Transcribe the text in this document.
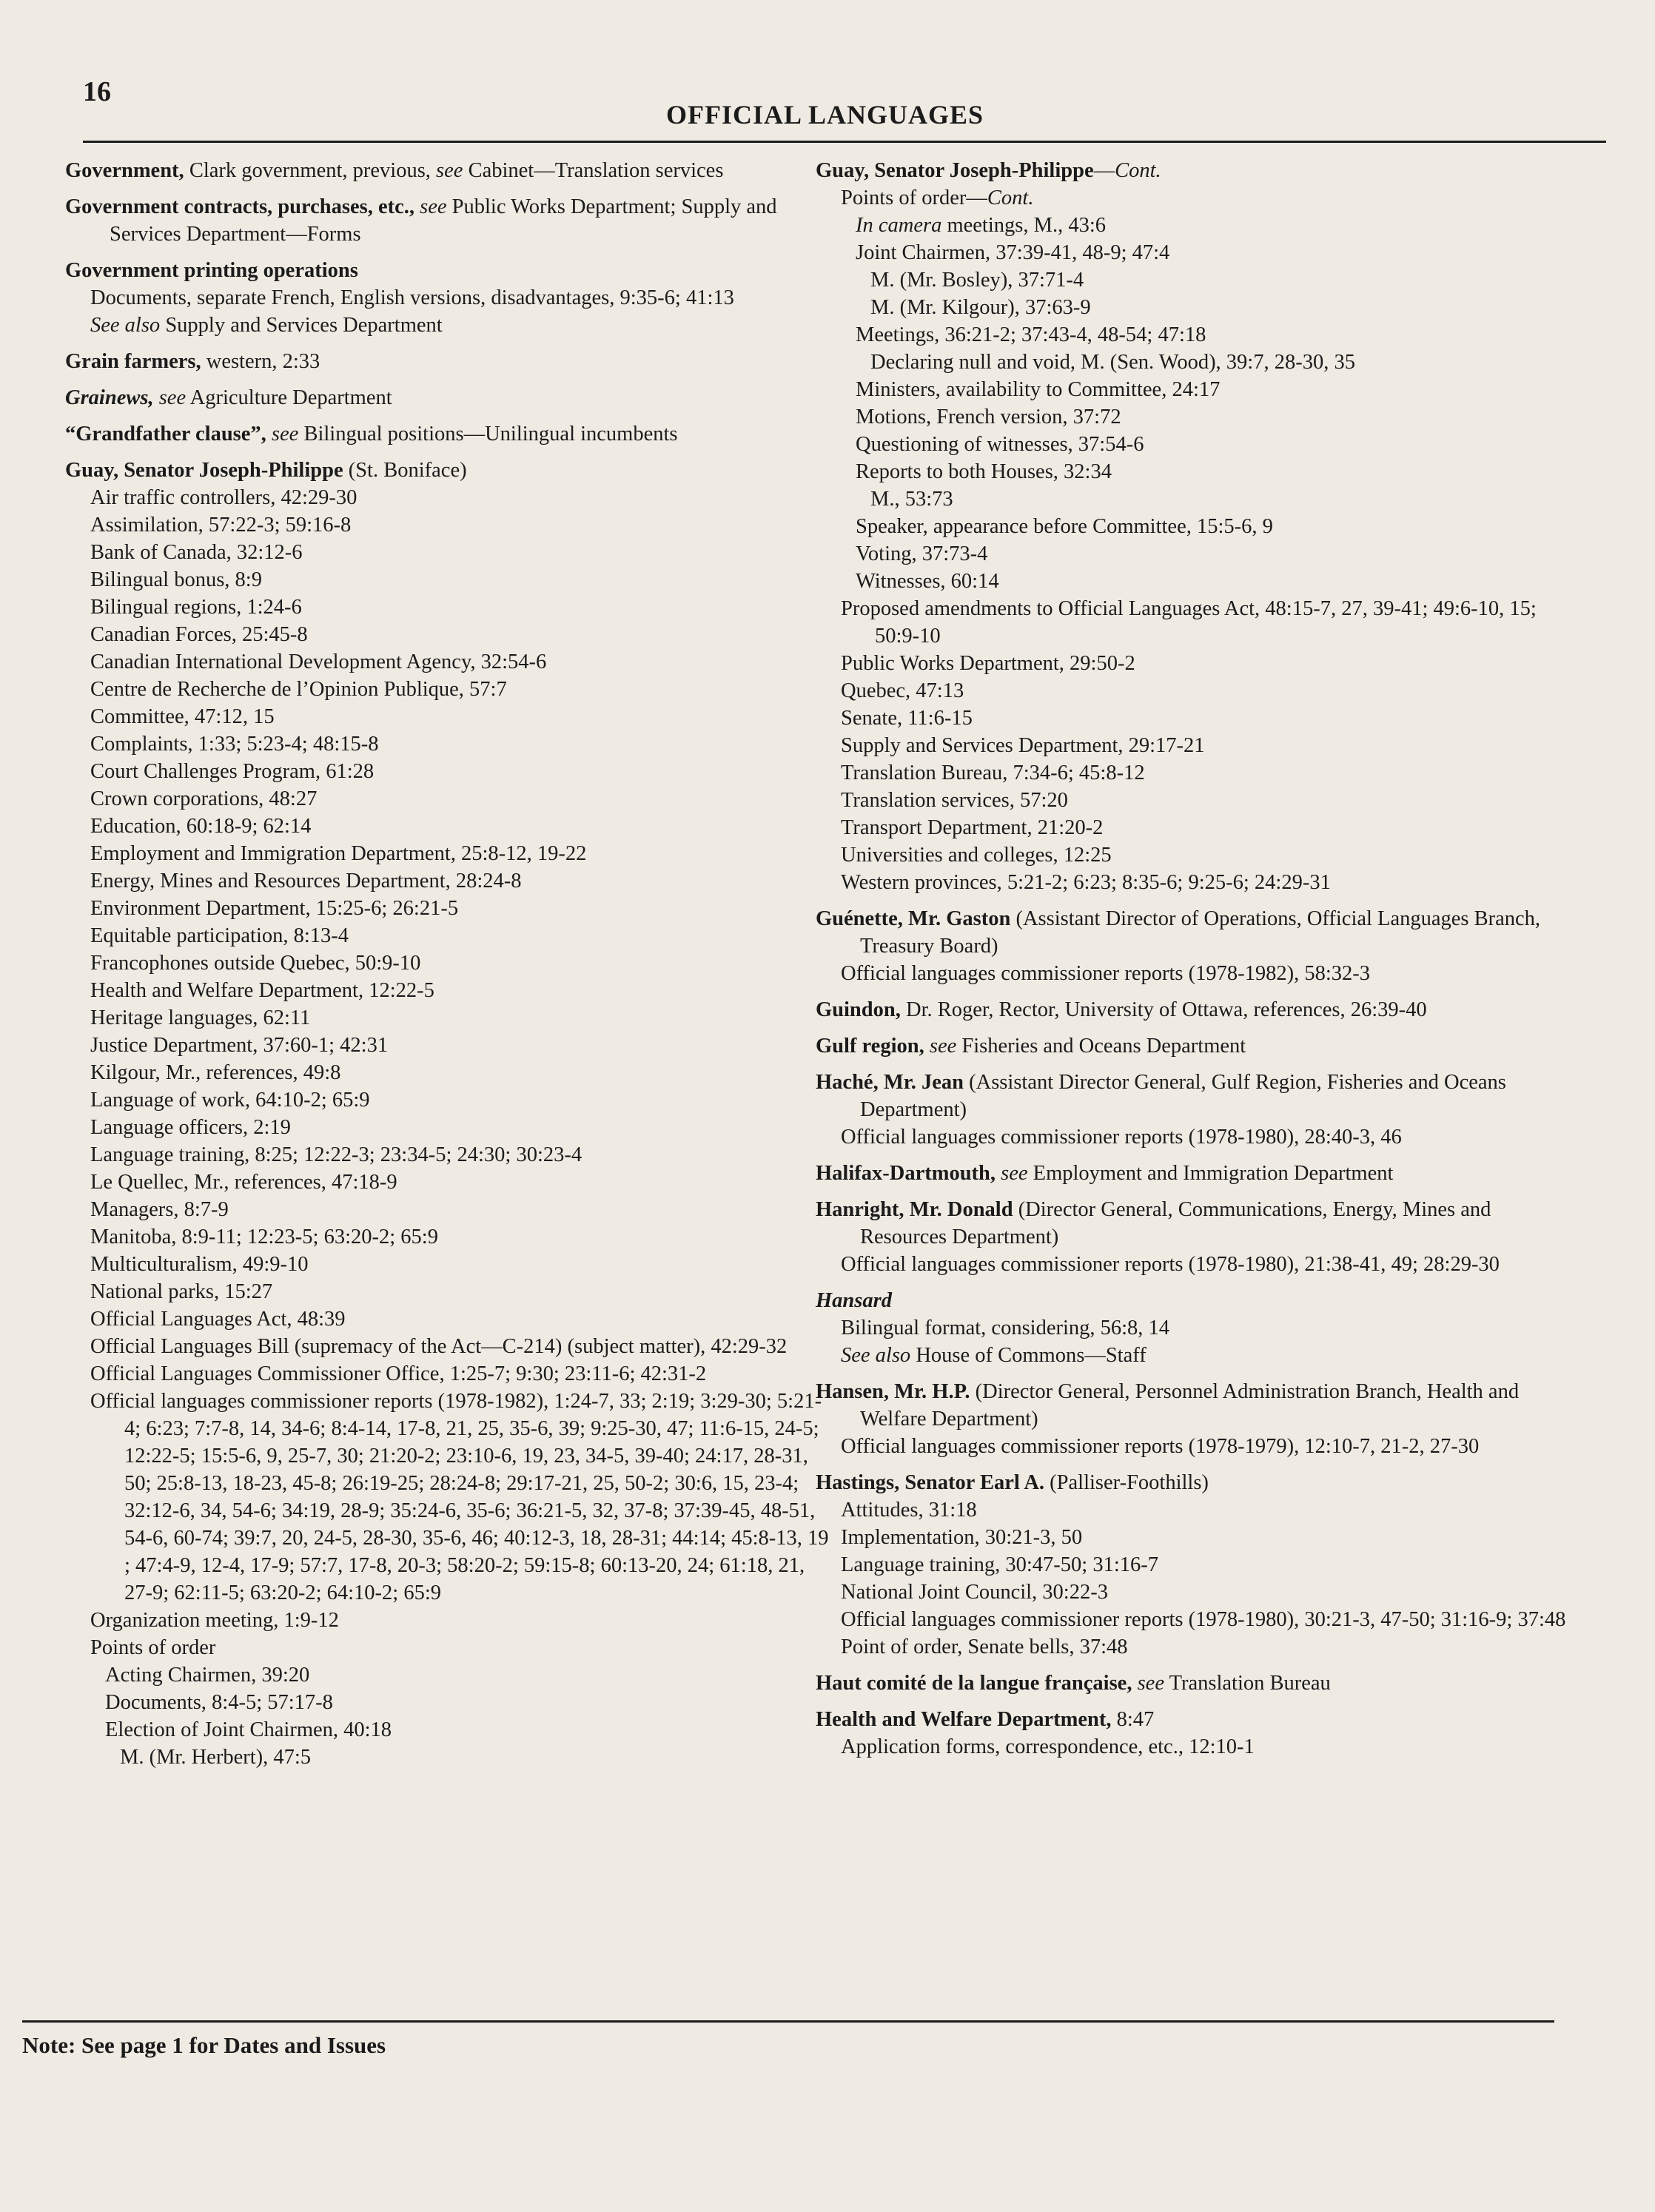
16
OFFICIAL LANGUAGES
Government, Clark government, previous, see Cabinet—Translation services
Government contracts, purchases, etc., see Public Works Department; Supply and Services Department—Forms
Government printing operations
Documents, separate French, English versions, disadvantages, 9:35-6; 41:13
See also Supply and Services Department
Grain farmers, western, 2:33
Grainews, see Agriculture Department
“Grandfather clause”, see Bilingual positions—Unilingual incumbents
Guay, Senator Joseph-Philippe (St. Boniface)
Air traffic controllers, 42:29-30
Assimilation, 57:22-3; 59:16-8
Bank of Canada, 32:12-6
Bilingual bonus, 8:9
Bilingual regions, 1:24-6
Canadian Forces, 25:45-8
Canadian International Development Agency, 32:54-6
Centre de Recherche de l’Opinion Publique, 57:7
Committee, 47:12, 15
Complaints, 1:33; 5:23-4; 48:15-8
Court Challenges Program, 61:28
Crown corporations, 48:27
Education, 60:18-9; 62:14
Employment and Immigration Department, 25:8-12, 19-22
Energy, Mines and Resources Department, 28:24-8
Environment Department, 15:25-6; 26:21-5
Equitable participation, 8:13-4
Francophones outside Quebec, 50:9-10
Health and Welfare Department, 12:22-5
Heritage languages, 62:11
Justice Department, 37:60-1; 42:31
Kilgour, Mr., references, 49:8
Language of work, 64:10-2; 65:9
Language officers, 2:19
Language training, 8:25; 12:22-3; 23:34-5; 24:30; 30:23-4
Le Quellec, Mr., references, 47:18-9
Managers, 8:7-9
Manitoba, 8:9-11; 12:23-5; 63:20-2; 65:9
Multiculturalism, 49:9-10
National parks, 15:27
Official Languages Act, 48:39
Official Languages Bill (supremacy of the Act—C-214) (subject matter), 42:29-32
Official Languages Commissioner Office, 1:25-7; 9:30; 23:11-6; 42:31-2
Official languages commissioner reports (1978-1982), 1:24-7, 33; 2:19; 3:29-30; 5:21-4; 6:23; 7:7-8, 14, 34-6; 8:4-14, 17-8, 21, 25, 35-6, 39; 9:25-30, 47; 11:6-15, 24-5; 12:22-5; 15:5-6, 9, 25-7, 30; 21:20-2; 23:10-6, 19, 23, 34-5, 39-40; 24:17, 28-31, 50; 25:8-13, 18-23, 45-8; 26:19-25; 28:24-8; 29:17-21, 25, 50-2; 30:6, 15, 23-4; 32:12-6, 34, 54-6; 34:19, 28-9; 35:24-6, 35-6; 36:21-5, 32, 37-8; 37:39-45, 48-51, 54-6, 60-74; 39:7, 20, 24-5, 28-30, 35-6, 46; 40:12-3, 18, 28-31; 44:14; 45:8-13, 19 ; 47:4-9, 12-4, 17-9; 57:7, 17-8, 20-3; 58:20-2; 59:15-8; 60:13-20, 24; 61:18, 21, 27-9; 62:11-5; 63:20-2; 64:10-2; 65:9
Organization meeting, 1:9-12
Points of order
Acting Chairmen, 39:20
Documents, 8:4-5; 57:17-8
Election of Joint Chairmen, 40:18
M. (Mr. Herbert), 47:5
Guay, Senator Joseph-Philippe—Cont.
Points of order—Cont.
In camera meetings, M., 43:6
Joint Chairmen, 37:39-41, 48-9; 47:4
M. (Mr. Bosley), 37:71-4
M. (Mr. Kilgour), 37:63-9
Meetings, 36:21-2; 37:43-4, 48-54; 47:18
Declaring null and void, M. (Sen. Wood), 39:7, 28-30, 35
Ministers, availability to Committee, 24:17
Motions, French version, 37:72
Questioning of witnesses, 37:54-6
Reports to both Houses, 32:34
M., 53:73
Speaker, appearance before Committee, 15:5-6, 9
Voting, 37:73-4
Witnesses, 60:14
Proposed amendments to Official Languages Act, 48:15-7, 27, 39-41; 49:6-10, 15; 50:9-10
Public Works Department, 29:50-2
Quebec, 47:13
Senate, 11:6-15
Supply and Services Department, 29:17-21
Translation Bureau, 7:34-6; 45:8-12
Translation services, 57:20
Transport Department, 21:20-2
Universities and colleges, 12:25
Western provinces, 5:21-2; 6:23; 8:35-6; 9:25-6; 24:29-31
Guénette, Mr. Gaston (Assistant Director of Operations, Official Languages Branch, Treasury Board)
Official languages commissioner reports (1978-1982), 58:32-3
Guindon, Dr. Roger, Rector, University of Ottawa, references, 26:39-40
Gulf region, see Fisheries and Oceans Department
Haché, Mr. Jean (Assistant Director General, Gulf Region, Fisheries and Oceans Department)
Official languages commissioner reports (1978-1980), 28:40-3, 46
Halifax-Dartmouth, see Employment and Immigration Department
Hanright, Mr. Donald (Director General, Communications, Energy, Mines and Resources Department)
Official languages commissioner reports (1978-1980), 21:38-41, 49; 28:29-30
Hansard
Bilingual format, considering, 56:8, 14
See also House of Commons—Staff
Hansen, Mr. H.P. (Director General, Personnel Administration Branch, Health and Welfare Department)
Official languages commissioner reports (1978-1979), 12:10-7, 21-2, 27-30
Hastings, Senator Earl A. (Palliser-Foothills)
Attitudes, 31:18
Implementation, 30:21-3, 50
Language training, 30:47-50; 31:16-7
National Joint Council, 30:22-3
Official languages commissioner reports (1978-1980), 30:21-3, 47-50; 31:16-9; 37:48
Point of order, Senate bells, 37:48
Haut comité de la langue française, see Translation Bureau
Health and Welfare Department, 8:47
Application forms, correspondence, etc., 12:10-1
Note: See page 1 for Dates and Issues
